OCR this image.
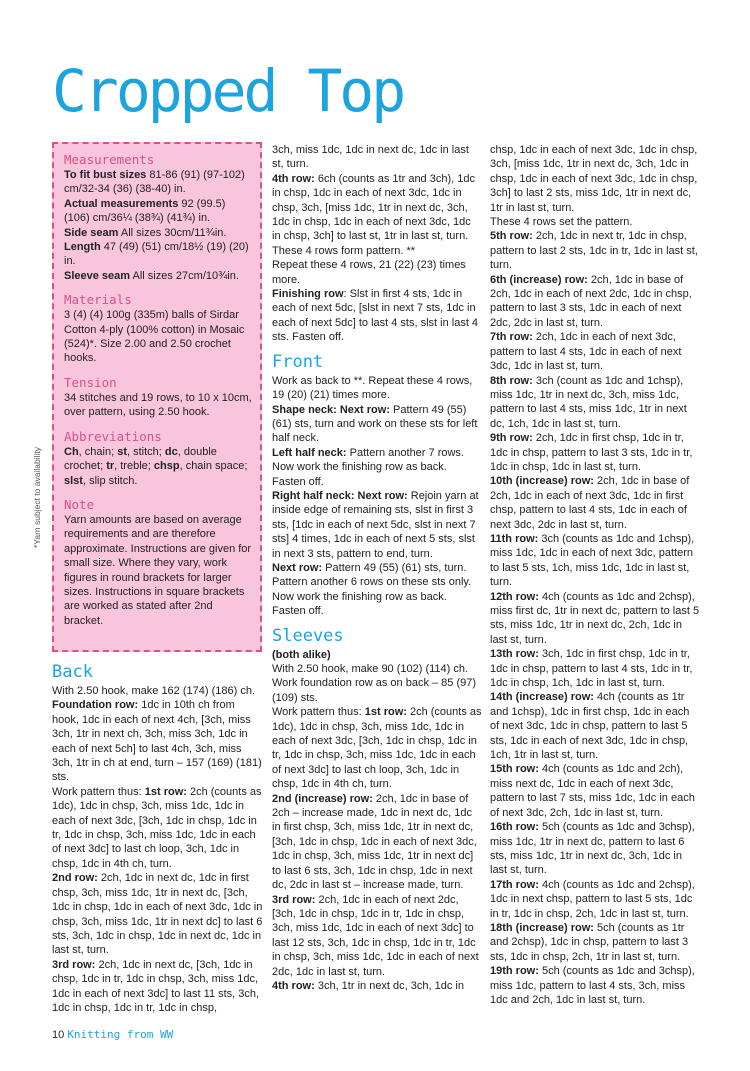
Cropped Top
*Yarn subject to availability

Measurements

To fit bust sizes 81-86 (91) (97-102) cm/32-34 (36) (38-40) in.

Actual measurements 92 (99.5) (106) cm/36¼ (38¾) (41¾) in.

Side seam All sizes 30cm/11¾in.

Length 47 (49) (51) cm/18½ (19) (20) in.

Sleeve seam All sizes 27cm/10¾in.

Materials

3 (4) (4) 100g (335m) balls of Sirdar Cotton 4-ply (100% cotton) in Mosaic (524)*. Size 2.00 and 2.50 crochet hooks.

Tension

34 stitches and 19 rows, to 10 x 10cm, over pattern, using 2.50 hook.

Abbreviations

Ch, chain; st, stitch; dc, double crochet; tr, treble; chsp, chain space; slst, slip stitch.

Note

Yarn amounts are based on average requirements and are therefore approximate. Instructions are given for small size. Where they vary, work figures in round brackets for larger sizes. Instructions in square brackets are worked as stated after 2nd bracket.

Back

With 2.50 hook, make 162 (174) (186) ch.

Foundation row: 1dc in 10th ch from hook, 1dc in each of next 4ch, [3ch, miss 3ch, 1tr in next ch, 3ch, miss 3ch, 1dc in each of next 5ch] to last 4ch, 3ch, miss 3ch, 1tr in ch at end, turn – 157 (169) (181) sts.

Work pattern thus: 1st row: 2ch (counts as 1dc), 1dc in chsp, 3ch, miss 1dc, 1dc in each of next 3dc, [3ch, 1dc in chsp, 1dc in tr, 1dc in chsp, 3ch, miss 1dc, 1dc in each of next 3dc] to last ch loop, 3ch, 1dc in chsp, 1dc in 4th ch, turn.

2nd row: 2ch, 1dc in next dc, 1dc in first chsp, 3ch, miss 1dc, 1tr in next dc, [3ch, 1dc in chsp, 1dc in each of next 3dc, 1dc in chsp, 3ch, miss 1dc, 1tr in next dc] to last 6 sts, 3ch, 1dc in chsp, 1dc in next dc, 1dc in last st, turn.

3rd row: 2ch, 1dc in next dc, [3ch, 1dc in chsp, 1dc in tr, 1dc in chsp, 3ch, miss 1dc, 1dc in each of next 3dc] to last 11 sts, 3ch, 1dc in chsp, 1dc in tr, 1dc in chsp,

3ch, miss 1dc, 1dc in next dc, 1dc in last st, turn.

4th row: 6ch (counts as 1tr and 3ch), 1dc in chsp, 1dc in each of next 3dc, 1dc in chsp, 3ch, [miss 1dc, 1tr in next dc, 3ch, 1dc in chsp, 1dc in each of next 3dc, 1dc in chsp, 3ch] to last st, 1tr in last st, turn.

These 4 rows form pattern. **

Repeat these 4 rows, 21 (22) (23) times more.

Finishing row: Slst in first 4 sts, 1dc in each of next 5dc, [slst in next 7 sts, 1dc in each of next 5dc] to last 4 sts, slst in last 4 sts. Fasten off.

Front

Work as back to **. Repeat these 4 rows, 19 (20) (21) times more.

Shape neck: Next row: Pattern 49 (55) (61) sts, turn and work on these sts for left half neck.

Left half neck: Pattern another 7 rows. Now work the finishing row as back. Fasten off.

Right half neck: Next row: Rejoin yarn at inside edge of remaining sts, slst in first 3 sts, [1dc in each of next 5dc, slst in next 7 sts] 4 times, 1dc in each of next 5 sts, slst in next 3 sts, pattern to end, turn.

Next row: Pattern 49 (55) (61) sts, turn. Pattern another 6 rows on these sts only. Now work the finishing row as back. Fasten off.

Sleeves

(both alike)

With 2.50 hook, make 90 (102) (114) ch. Work foundation row as on back – 85 (97) (109) sts.

Work pattern thus: 1st row: 2ch (counts as 1dc), 1dc in chsp, 3ch, miss 1dc, 1dc in each of next 3dc, [3ch, 1dc in chsp, 1dc in tr, 1dc in chsp, 3ch, miss 1dc, 1dc in each of next 3dc] to last ch loop, 3ch, 1dc in chsp, 1dc in 4th ch, turn.

2nd (increase) row: 2ch, 1dc in base of 2ch – increase made, 1dc in next dc, 1dc in first chsp, 3ch, miss 1dc, 1tr in next dc, [3ch, 1dc in chsp, 1dc in each of next 3dc, 1dc in chsp, 3ch, miss 1dc, 1tr in next dc] to last 6 sts, 3ch, 1dc in chsp, 1dc in next dc, 2dc in last st – increase made, turn.

3rd row: 2ch, 1dc in each of next 2dc, [3ch, 1dc in chsp, 1dc in tr, 1dc in chsp, 3ch, miss 1dc, 1dc in each of next 3dc] to last 12 sts, 3ch, 1dc in chsp, 1dc in tr, 1dc in chsp, 3ch, miss 1dc, 1dc in each of next 2dc, 1dc in last st, turn.

4th row: 3ch, 1tr in next dc, 3ch, 1dc in

chsp, 1dc in each of next 3dc, 1dc in chsp, 3ch, [miss 1dc, 1tr in next dc, 3ch, 1dc in chsp, 1dc in each of next 3dc, 1dc in chsp, 3ch] to last 2 sts, miss 1dc, 1tr in next dc, 1tr in last st, turn.

These 4 rows set the pattern.

5th row: 2ch, 1dc in next tr, 1dc in chsp, pattern to last 2 sts, 1dc in tr, 1dc in last st, turn.

6th (increase) row: 2ch, 1dc in base of 2ch, 1dc in each of next 2dc, 1dc in chsp, pattern to last 3 sts, 1dc in each of next 2dc, 2dc in last st, turn.

7th row: 2ch, 1dc in each of next 3dc, pattern to last 4 sts, 1dc in each of next 3dc, 1dc in last st, turn.

8th row: 3ch (count as 1dc and 1chsp), miss 1dc, 1tr in next dc, 3ch, miss 1dc, pattern to last 4 sts, miss 1dc, 1tr in next dc, 1ch, 1dc in last st, turn.

9th row: 2ch, 1dc in first chsp, 1dc in tr, 1dc in chsp, pattern to last 3 sts, 1dc in tr, 1dc in chsp, 1dc in last st, turn.

10th (increase) row: 2ch, 1dc in base of 2ch, 1dc in each of next 3dc, 1dc in first chsp, pattern to last 4 sts, 1dc in each of next 3dc, 2dc in last st, turn.

11th row: 3ch (counts as 1dc and 1chsp), miss 1dc, 1dc in each of next 3dc, pattern to last 5 sts, 1ch, miss 1dc, 1dc in last st, turn.

12th row: 4ch (counts as 1dc and 2chsp), miss first dc, 1tr in next dc, pattern to last 5 sts, miss 1dc, 1tr in next dc, 2ch, 1dc in last st, turn.

13th row: 3ch, 1dc in first chsp, 1dc in tr, 1dc in chsp, pattern to last 4 sts, 1dc in tr, 1dc in chsp, 1ch, 1dc in last st, turn.

14th (increase) row: 4ch (counts as 1tr and 1chsp), 1dc in first chsp, 1dc in each of next 3dc, 1dc in chsp, pattern to last 5 sts, 1dc in each of next 3dc, 1dc in chsp, 1ch, 1tr in last st, turn.

15th row: 4ch (counts as 1dc and 2ch), miss next dc, 1dc in each of next 3dc, pattern to last 7 sts, miss 1dc, 1dc in each of next 3dc, 2ch, 1dc in last st, turn.

16th row: 5ch (counts as 1dc and 3chsp), miss 1dc, 1tr in next dc, pattern to last 6 sts, miss 1dc, 1tr in next dc, 3ch, 1dc in last st, turn.

17th row: 4ch (counts as 1dc and 2chsp), 1dc in next chsp, pattern to last 5 sts, 1dc in tr, 1dc in chsp, 2ch, 1dc in last st, turn.

18th (increase) row: 5ch (counts as 1tr and 2chsp), 1dc in chsp, pattern to last 3 sts, 1dc in chsp, 2ch, 1tr in last st, turn.

19th row: 5ch (counts as 1dc and 3chsp), miss 1dc, pattern to last 4 sts, 3ch, miss 1dc and 2ch, 1dc in last st, turn.

10 Knitting from WW
